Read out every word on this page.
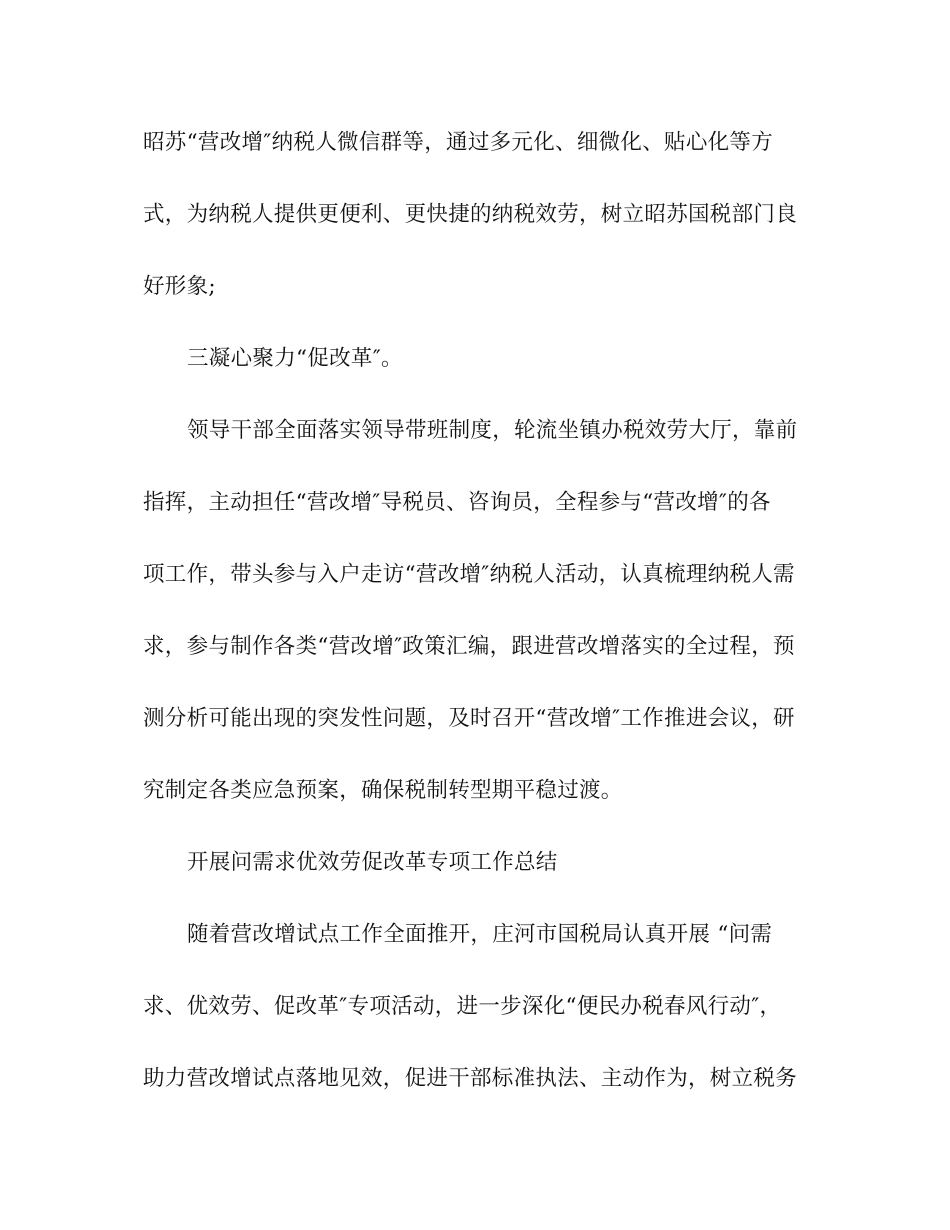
昭苏“营改增″纳税人微信群等，通过多元化、细微化、贴心化等方
式，为纳税人提供更便利、更快捷的纳税效劳，树立昭苏国税部门良
好形象;
三凝心聚力“促改革″。
领导干部全面落实领导带班制度，轮流坐镇办税效劳大厅，靠前
指挥，主动担任“营改增″导税员、咨询员，全程参与“营改增″的各
项工作，带头参与入户走访“营改增″纳税人活动，认真梳理纳税人需
求，参与制作各类“营改增″政策汇编，跟进营改增落实的全过程，预
测分析可能出现的突发性问题，及时召开“营改增″工作推进会议，研
究制定各类应急预案，确保税制转型期平稳过渡。
开展问需求优效劳促改革专项工作总结
随着营改增试点工作全面推开，庄河市国税局认真开展 “问需
求、优效劳、促改革″专项活动，进一步深化“便民办税春风行动″，
助力营改增试点落地见效，促进干部标准执法、主动作为，树立税务
